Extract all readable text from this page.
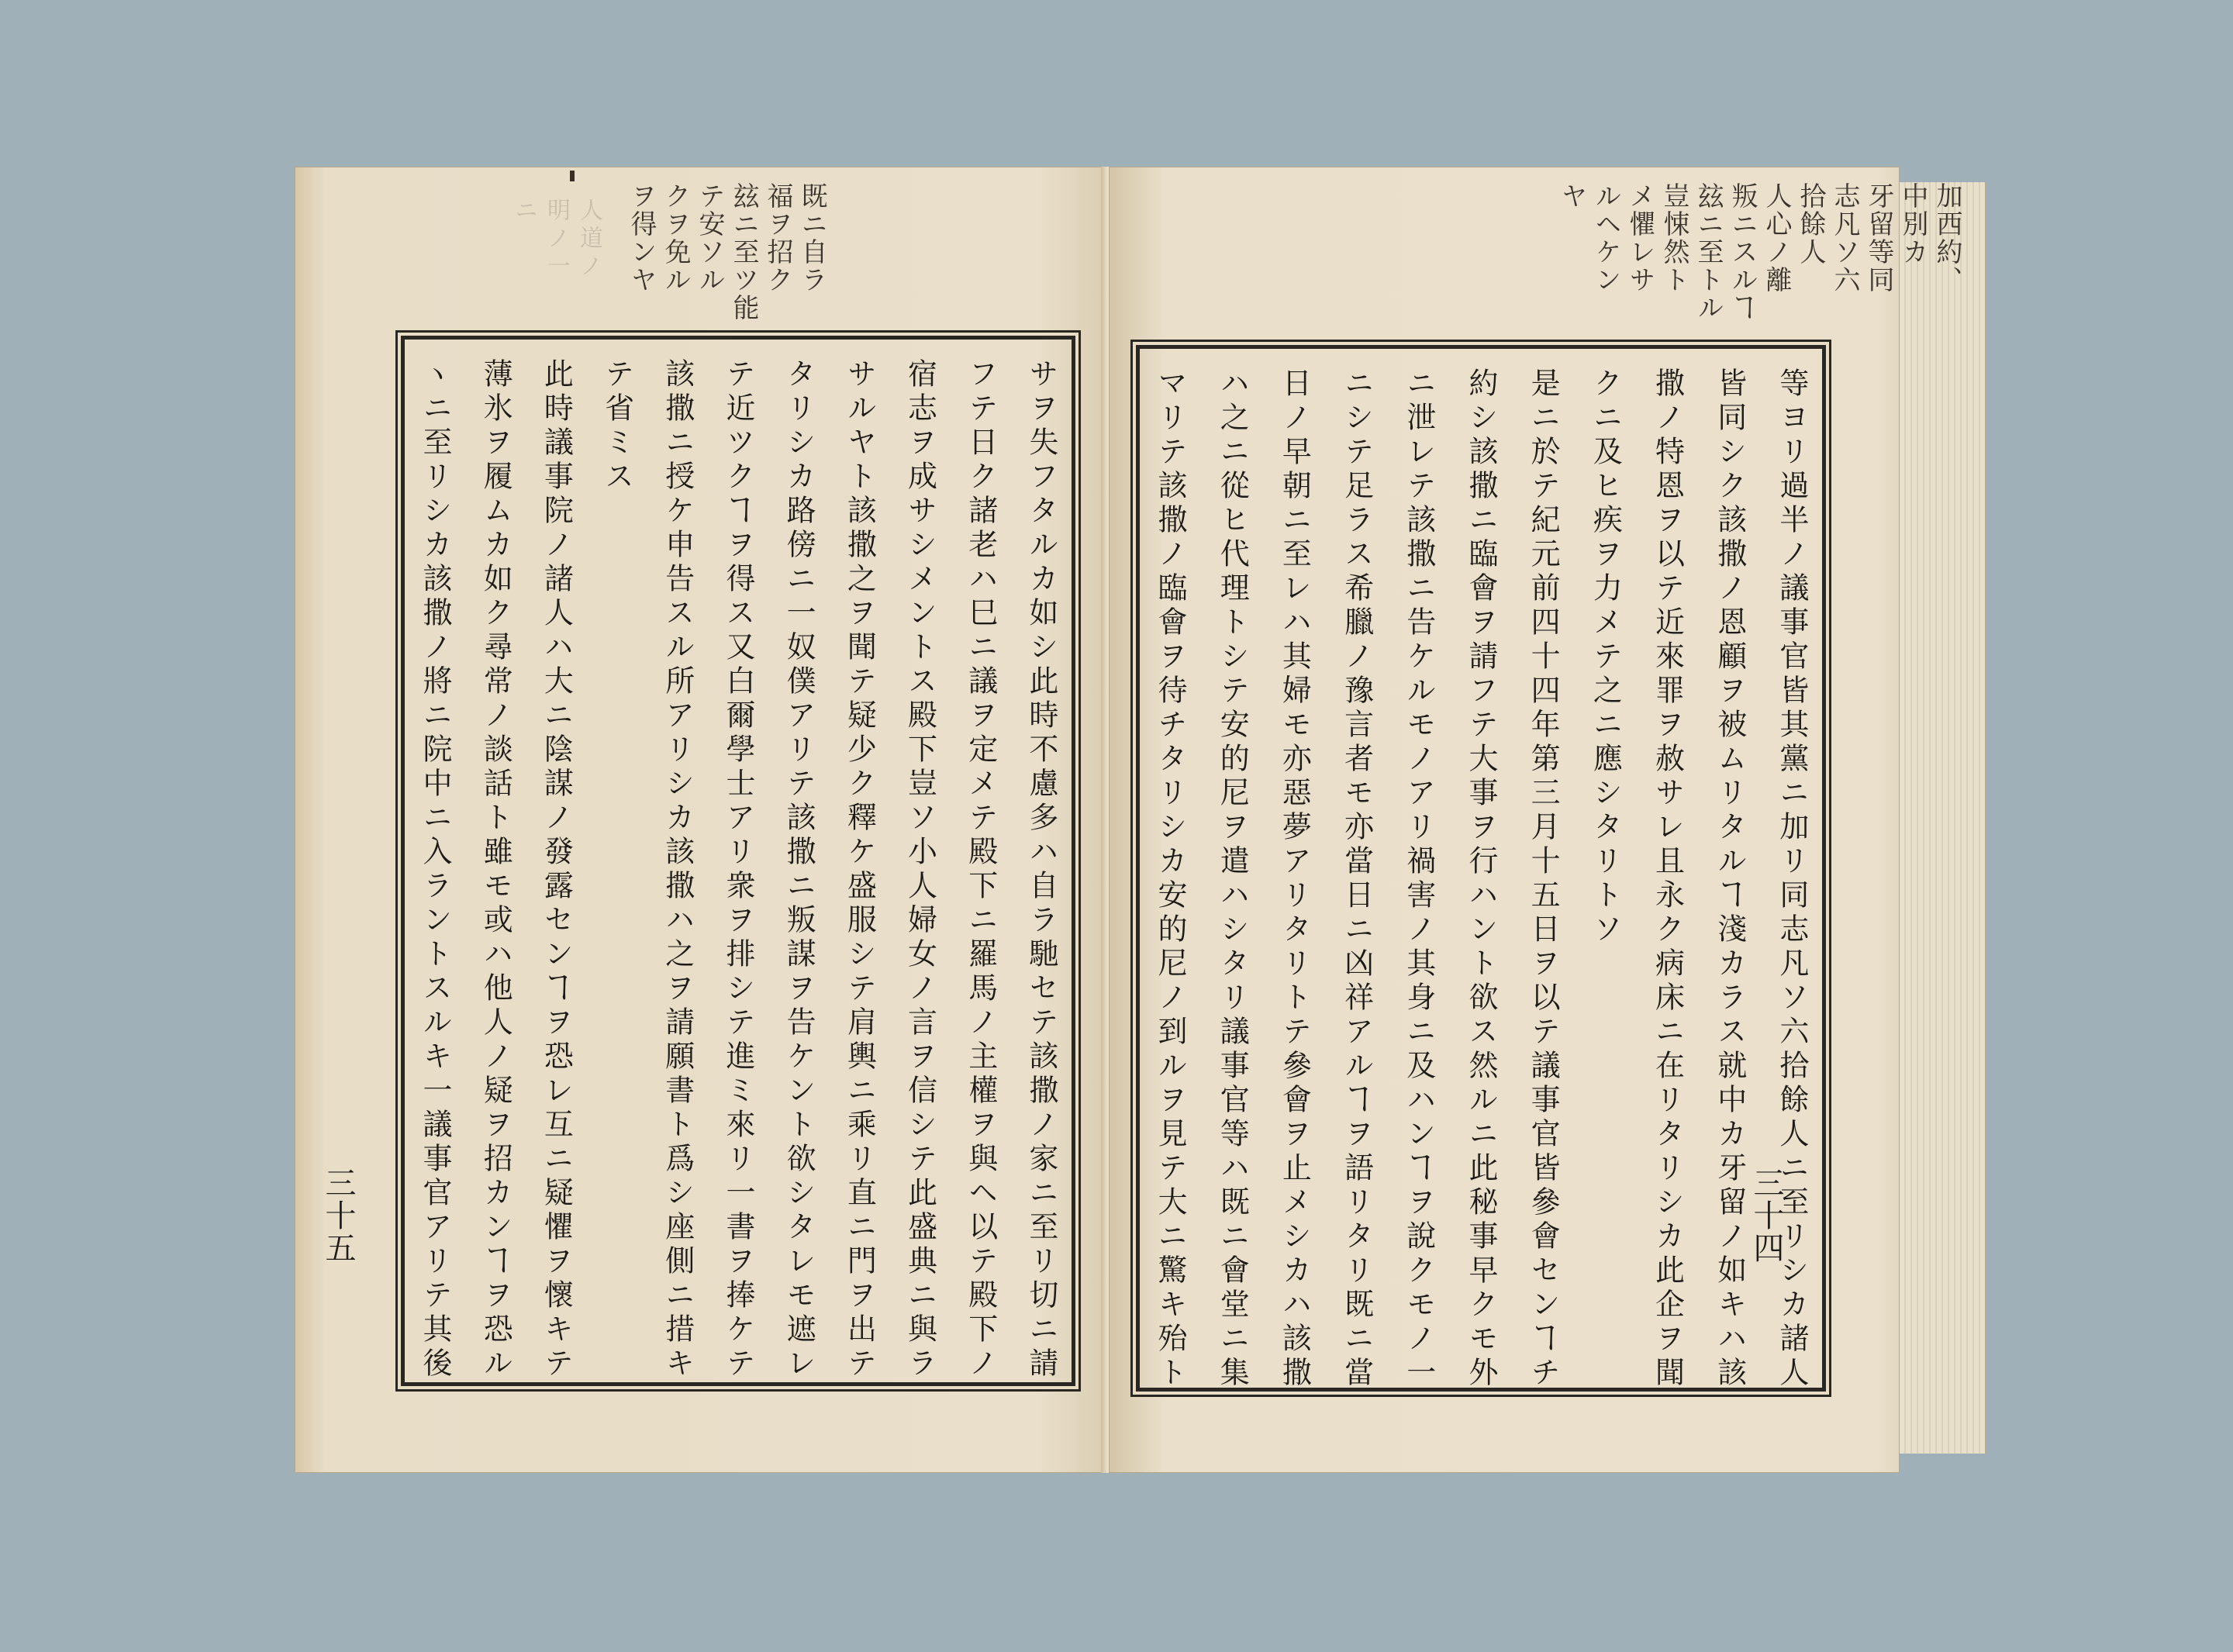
人道ノ
明ノ一
ニ	既ニ自ラ
福ヲ招ク
玆ニ至ツ能
テ安ソル
クヲ免ル
ヲ得ンヤ
サヲ失フタルカ如シ此時不慮多ハ自ラ馳セテ該撒ノ家ニ至リ切ニ請
フテ日ク諸老ハ巳ニ議ヲ定メテ殿下ニ羅馬ノ主權ヲ與ヘ以テ殿下ノ
宿志ヲ成サシメントス殿下豈ソ小人婦女ノ言ヲ信シテ此盛典ニ與ラ
サルヤト該撒之ヲ聞テ疑少ク釋ケ盛服シテ肩輿ニ乘リ直ニ門ヲ出テ
タリシカ路傍ニ一奴僕アリテ該撒ニ叛謀ヲ告ケント欲シタレモ遮レ
テ近ツクヿヲ得ス又白爾學士アリ衆ヲ排シテ進ミ來リ一書ヲ捧ケテ
該撒ニ授ケ申告スル所アリシカ該撒ハ之ヲ請願書ト爲シ座側ニ措キ
テ省ミス
此時議事院ノ諸人ハ大ニ陰謀ノ發露センヿヲ恐レ互ニ疑懼ヲ懷キテ
薄氷ヲ履ムカ如ク尋常ノ談話ト雖モ或ハ他人ノ疑ヲ招カンヿヲ恐ル
ヽニ至リシカ該撒ノ將ニ院中ニ入ラントスルキ一議事官アリテ其後
三十五
加西約、
中別カ
牙留等同
志凡ソ六
拾餘人
人心ノ離
叛ニスルヿ
玆ニ至トル
豈悚然ト
メ懼レサ
ルヘケン
ヤ
等ヨリ過半ノ議事官皆其黨ニ加リ同志凡ソ六拾餘人ニ至リシカ諸人
皆同シク該撒ノ恩顧ヲ被ムリタルヿ淺カラス就中カ牙留ノ如キハ該
撒ノ特恩ヲ以テ近來罪ヲ赦サレ且永ク病床ニ在リタリシカ此企ヲ聞
クニ及ヒ疾ヲ力メテ之ニ應シタリトソ
是ニ於テ紀元前四十四年第三月十五日ヲ以テ議事官皆參會センヿチ
約シ該撒ニ臨會ヲ請フテ大事ヲ行ハント欲ス然ルニ此秘事早クモ外
ニ泄レテ該撒ニ告ケルモノアリ禍害ノ其身ニ及ハンヿヲ說クモノ一
ニシテ足ラス希臘ノ豫言者モ亦當日ニ凶祥アルヿヲ語リタリ既ニ當
日ノ早朝ニ至レハ其婦モ亦惡夢アリタリトテ參會ヲ止メシカハ該撒
ハ之ニ從ヒ代理トシテ安的尼ヲ遣ハシタリ議事官等ハ既ニ會堂ニ集
マリテ該撒ノ臨會ヲ待チタリシカ安的尼ノ到ルヲ見テ大ニ驚キ殆ト	三十四
